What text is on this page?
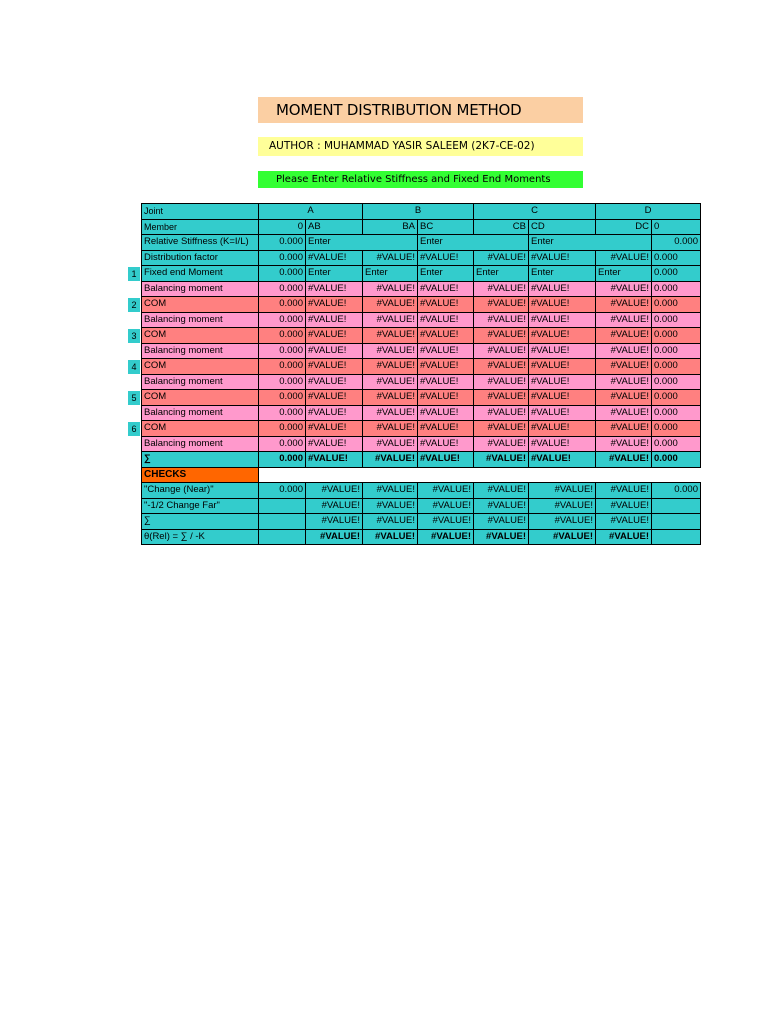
MOMENT DISTRIBUTION METHOD
AUTHOR : MUHAMMAD YASIR SALEEM (2K7-CE-02)
Please Enter Relative Stiffness and Fixed End Moments
1
2
3
4
5
6
Joint	A		B		C		D	
Member	0	AB	BA	BC	CB	CD	DC	0
Relative Stiffness (K=I/L)	0.000	Enter		Enter		Enter		0.000
Distribution factor	0.000	#VALUE!	#VALUE!	#VALUE!	#VALUE!	#VALUE!	#VALUE!	0.000
Fixed end Moment	0.000	Enter	Enter	Enter	Enter	Enter	Enter	0.000
Balancing moment	0.000	#VALUE!	#VALUE!	#VALUE!	#VALUE!	#VALUE!	#VALUE!	0.000
COM	0.000	#VALUE!	#VALUE!	#VALUE!	#VALUE!	#VALUE!	#VALUE!	0.000
Balancing moment	0.000	#VALUE!	#VALUE!	#VALUE!	#VALUE!	#VALUE!	#VALUE!	0.000
COM	0.000	#VALUE!	#VALUE!	#VALUE!	#VALUE!	#VALUE!	#VALUE!	0.000
Balancing moment	0.000	#VALUE!	#VALUE!	#VALUE!	#VALUE!	#VALUE!	#VALUE!	0.000
COM	0.000	#VALUE!	#VALUE!	#VALUE!	#VALUE!	#VALUE!	#VALUE!	0.000
Balancing moment	0.000	#VALUE!	#VALUE!	#VALUE!	#VALUE!	#VALUE!	#VALUE!	0.000
COM	0.000	#VALUE!	#VALUE!	#VALUE!	#VALUE!	#VALUE!	#VALUE!	0.000
Balancing moment	0.000	#VALUE!	#VALUE!	#VALUE!	#VALUE!	#VALUE!	#VALUE!	0.000
COM	0.000	#VALUE!	#VALUE!	#VALUE!	#VALUE!	#VALUE!	#VALUE!	0.000
Balancing moment	0.000	#VALUE!	#VALUE!	#VALUE!	#VALUE!	#VALUE!	#VALUE!	0.000
∑	0.000	#VALUE!	#VALUE!	#VALUE!	#VALUE!	#VALUE!	#VALUE!	0.000
CHECKS								
"Change (Near)"	0.000	#VALUE!	#VALUE!	#VALUE!	#VALUE!	#VALUE!	#VALUE!	0.000
"-1/2 Change Far"		#VALUE!	#VALUE!	#VALUE!	#VALUE!	#VALUE!	#VALUE!	
∑		#VALUE!	#VALUE!	#VALUE!	#VALUE!	#VALUE!	#VALUE!	
θ(Rel) = ∑ / -K		#VALUE!	#VALUE!	#VALUE!	#VALUE!	#VALUE!	#VALUE!	
